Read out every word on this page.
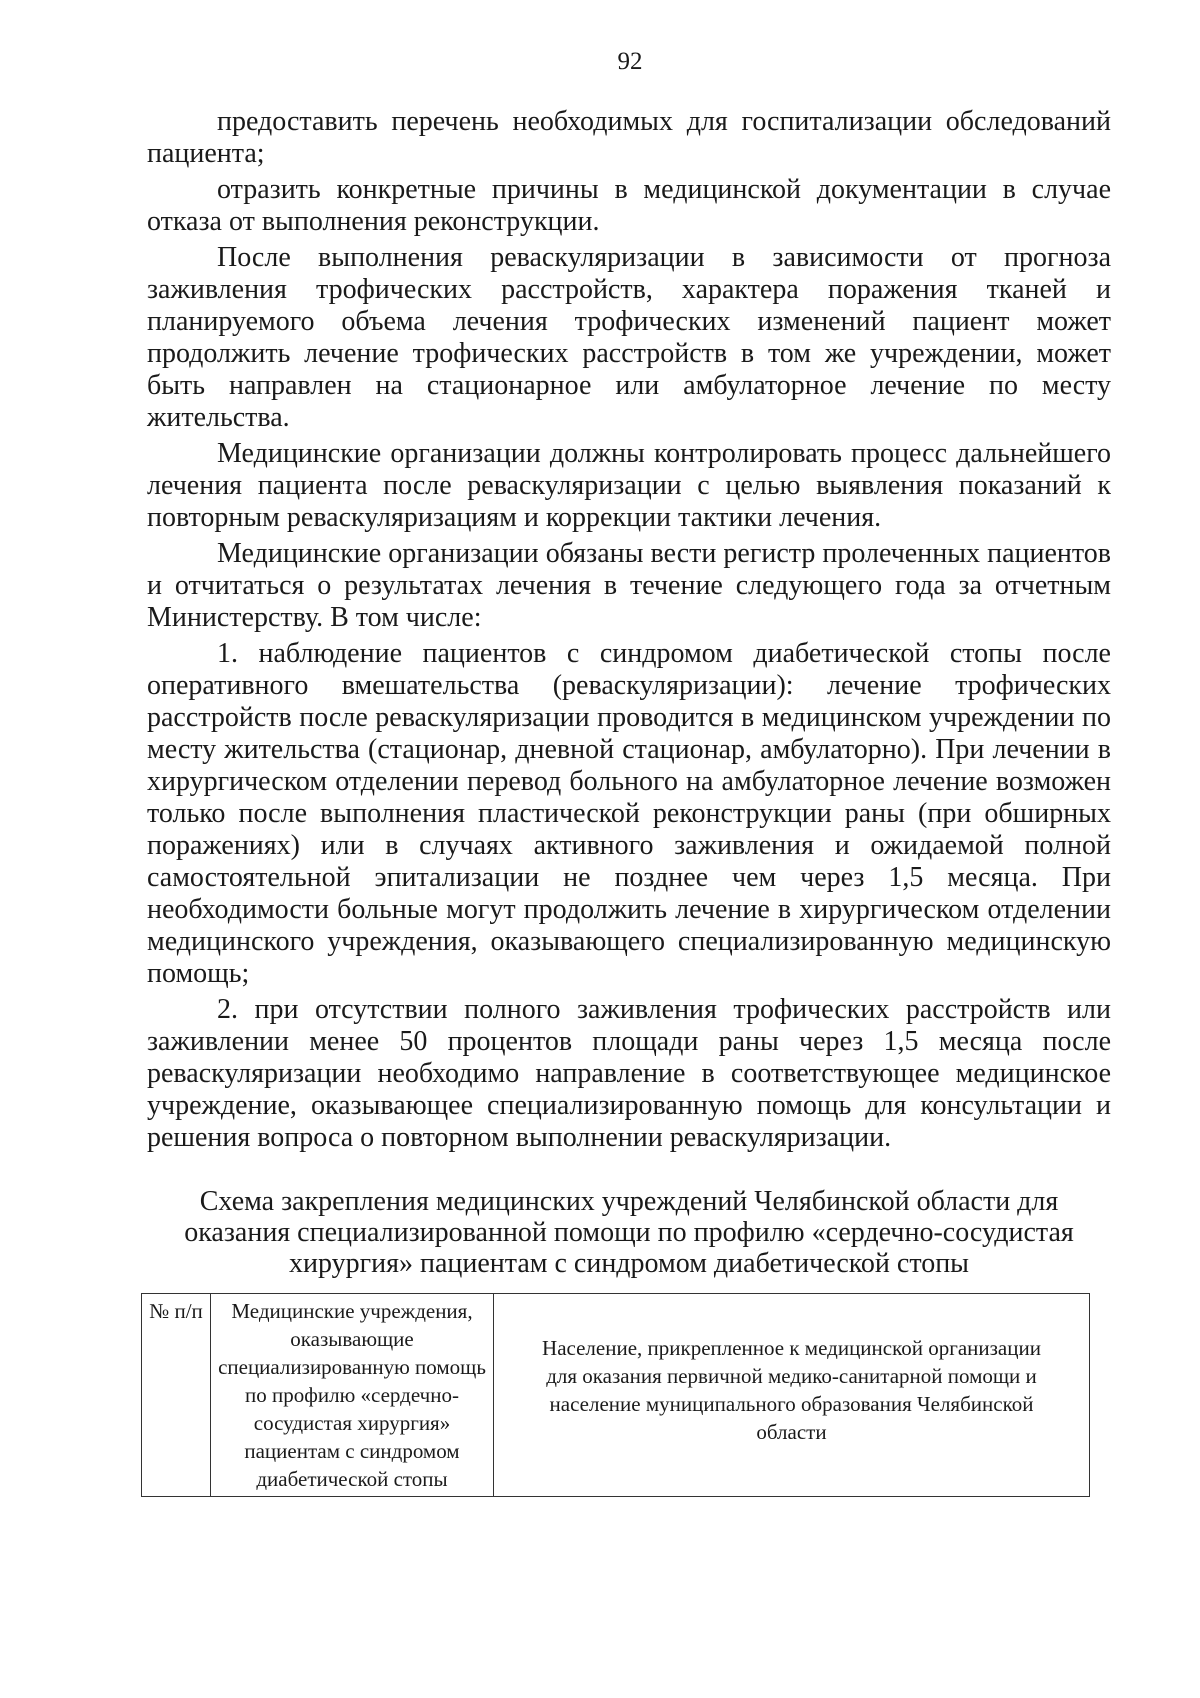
92

предоставить перечень необходимых для госпитализации обследований пациента;

отразить конкретные причины в медицинской документации в случае отказа от выполнения реконструкции.

После выполнения реваскуляризации в зависимости от прогноза заживления трофических расстройств, характера поражения тканей и планируемого объема лечения трофических изменений пациент может продолжить лечение трофических расстройств в том же учреждении, может быть направлен на стационарное или амбулаторное лечение по месту жительства.

Медицинские организации должны контролировать процесс дальнейшего лечения пациента после реваскуляризации с целью выявления показаний к повторным реваскуляризациям и коррекции тактики лечения.

Медицинские организации обязаны вести регистр пролеченных пациентов и отчитаться о результатах лечения в течение следующего года за отчетным Министерству. В том числе:

1. наблюдение пациентов с синдромом диабетической стопы после оперативного вмешательства (реваскуляризации): лечение трофических расстройств после реваскуляризации проводится в медицинском учреждении по месту жительства (стационар, дневной стационар, амбулаторно). При лечении в хирургическом отделении перевод больного на амбулаторное лечение возможен только после выполнения пластической реконструкции раны (при обширных поражениях) или в случаях активного заживления и ожидаемой полной самостоятельной эпитализации не позднее чем через 1,5 месяца. При необходимости больные могут продолжить лечение в хирургическом отделении медицинского учреждения, оказывающего специализированную медицинскую помощь;

2. при отсутствии полного заживления трофических расстройств или заживлении менее 50 процентов площади раны через 1,5 месяца после реваскуляризации необходимо направление в соответствующее медицинское учреждение, оказывающее специализированную помощь для консультации и решения вопроса о повторном выполнении реваскуляризации.

Схема закрепления медицинских учреждений Челябинской области для оказания специализированной помощи по профилю «сердечно-сосудистая хирургия» пациентам с синдромом диабетической стопы
№ п/п	Медицинские учреждения, оказывающие специализированную помощь по профилю «сердечно-сосудистая хирургия» пациентам с синдромом диабетической стопы	Население, прикрепленное к медицинской организации для оказания первичной медико-санитарной помощи и население муниципального образования Челябинской области
